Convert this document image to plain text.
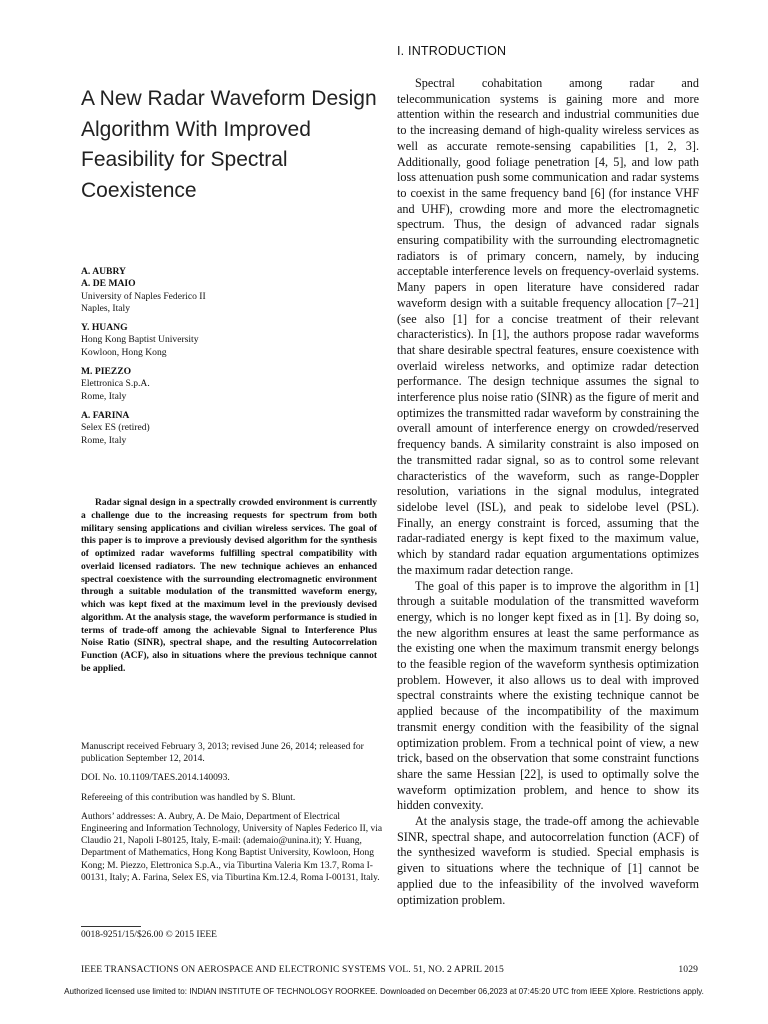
A New Radar Waveform Design Algorithm With Improved Feasibility for Spectral Coexistence
A. AUBRY
A. DE MAIO
University of Naples Federico II
Naples, Italy
Y. HUANG
Hong Kong Baptist University
Kowloon, Hong Kong
M. PIEZZO
Elettronica S.p.A.
Rome, Italy
A. FARINA
Selex ES (retired)
Rome, Italy
Radar signal design in a spectrally crowded environment is currently a challenge due to the increasing requests for spectrum from both military sensing applications and civilian wireless services. The goal of this paper is to improve a previously devised algorithm for the synthesis of optimized radar waveforms fulfilling spectral compatibility with overlaid licensed radiators. The new technique achieves an enhanced spectral coexistence with the surrounding electromagnetic environment through a suitable modulation of the transmitted waveform energy, which was kept fixed at the maximum level in the previously devised algorithm. At the analysis stage, the waveform performance is studied in terms of trade-off among the achievable Signal to Interference Plus Noise Ratio (SINR), spectral shape, and the resulting Autocorrelation Function (ACF), also in situations where the previous technique cannot be applied.
Manuscript received February 3, 2013; revised June 26, 2014; released for publication September 12, 2014.
DOI. No. 10.1109/TAES.2014.140093.
Refereeing of this contribution was handled by S. Blunt.
Authors’ addresses: A. Aubry, A. De Maio, Department of Electrical Engineering and Information Technology, University of Naples Federico II, via Claudio 21, Napoli I-80125, Italy, E-mail: (ademaio@unina.it); Y. Huang, Department of Mathematics, Hong Kong Baptist University, Kowloon, Hong Kong; M. Piezzo, Elettronica S.p.A., via Tiburtina Valeria Km 13.7, Roma I-00131, Italy; A. Farina, Selex ES, via Tiburtina Km.12.4, Roma I-00131, Italy.
0018-9251/15/$26.00 © 2015 IEEE
I. INTRODUCTION

Spectral cohabitation among radar and telecommunication systems is gaining more and more attention within the research and industrial communities due to the increasing demand of high-quality wireless services as well as accurate remote-sensing capabilities [1, 2, 3]. Additionally, good foliage penetration [4, 5], and low path loss attenuation push some communication and radar systems to coexist in the same frequency band [6] (for instance VHF and UHF), crowding more and more the electromagnetic spectrum. Thus, the design of advanced radar signals ensuring compatibility with the surrounding electromagnetic radiators is of primary concern, namely, by inducing acceptable interference levels on frequency-overlaid systems. Many papers in open literature have considered radar waveform design with a suitable frequency allocation [7–21] (see also [1] for a concise treatment of their relevant characteristics). In [1], the authors propose radar waveforms that share desirable spectral features, ensure coexistence with overlaid wireless networks, and optimize radar detection performance. The design technique assumes the signal to interference plus noise ratio (SINR) as the figure of merit and optimizes the transmitted radar waveform by constraining the overall amount of interference energy on crowded/reserved frequency bands. A similarity constraint is also imposed on the transmitted radar signal, so as to control some relevant characteristics of the waveform, such as range-Doppler resolution, variations in the signal modulus, integrated sidelobe level (ISL), and peak to sidelobe level (PSL). Finally, an energy constraint is forced, assuming that the radar-radiated energy is kept fixed to the maximum value, which by standard radar equation argumentations optimizes the maximum radar detection range.

The goal of this paper is to improve the algorithm in [1] through a suitable modulation of the transmitted waveform energy, which is no longer kept fixed as in [1]. By doing so, the new algorithm ensures at least the same performance as the existing one when the maximum transmit energy belongs to the feasible region of the waveform synthesis optimization problem. However, it also allows us to deal with improved spectral constraints where the existing technique cannot be applied because of the incompatibility of the maximum transmit energy condition with the feasibility of the signal optimization problem. From a technical point of view, a new trick, based on the observation that some constraint functions share the same Hessian [22], is used to optimally solve the waveform optimization problem, and hence to show its hidden convexity.

At the analysis stage, the trade-off among the achievable SINR, spectral shape, and autocorrelation function (ACF) of the synthesized waveform is studied. Special emphasis is given to situations where the technique of [1] cannot be applied due to the infeasibility of the involved waveform optimization problem.

IEEE TRANSACTIONS ON AEROSPACE AND ELECTRONIC SYSTEMS VOL. 51, NO. 2 APRIL 2015	1029
Authorized licensed use limited to: INDIAN INSTITUTE OF TECHNOLOGY ROORKEE. Downloaded on December 06,2023 at 07:45:20 UTC from IEEE Xplore. Restrictions apply.
